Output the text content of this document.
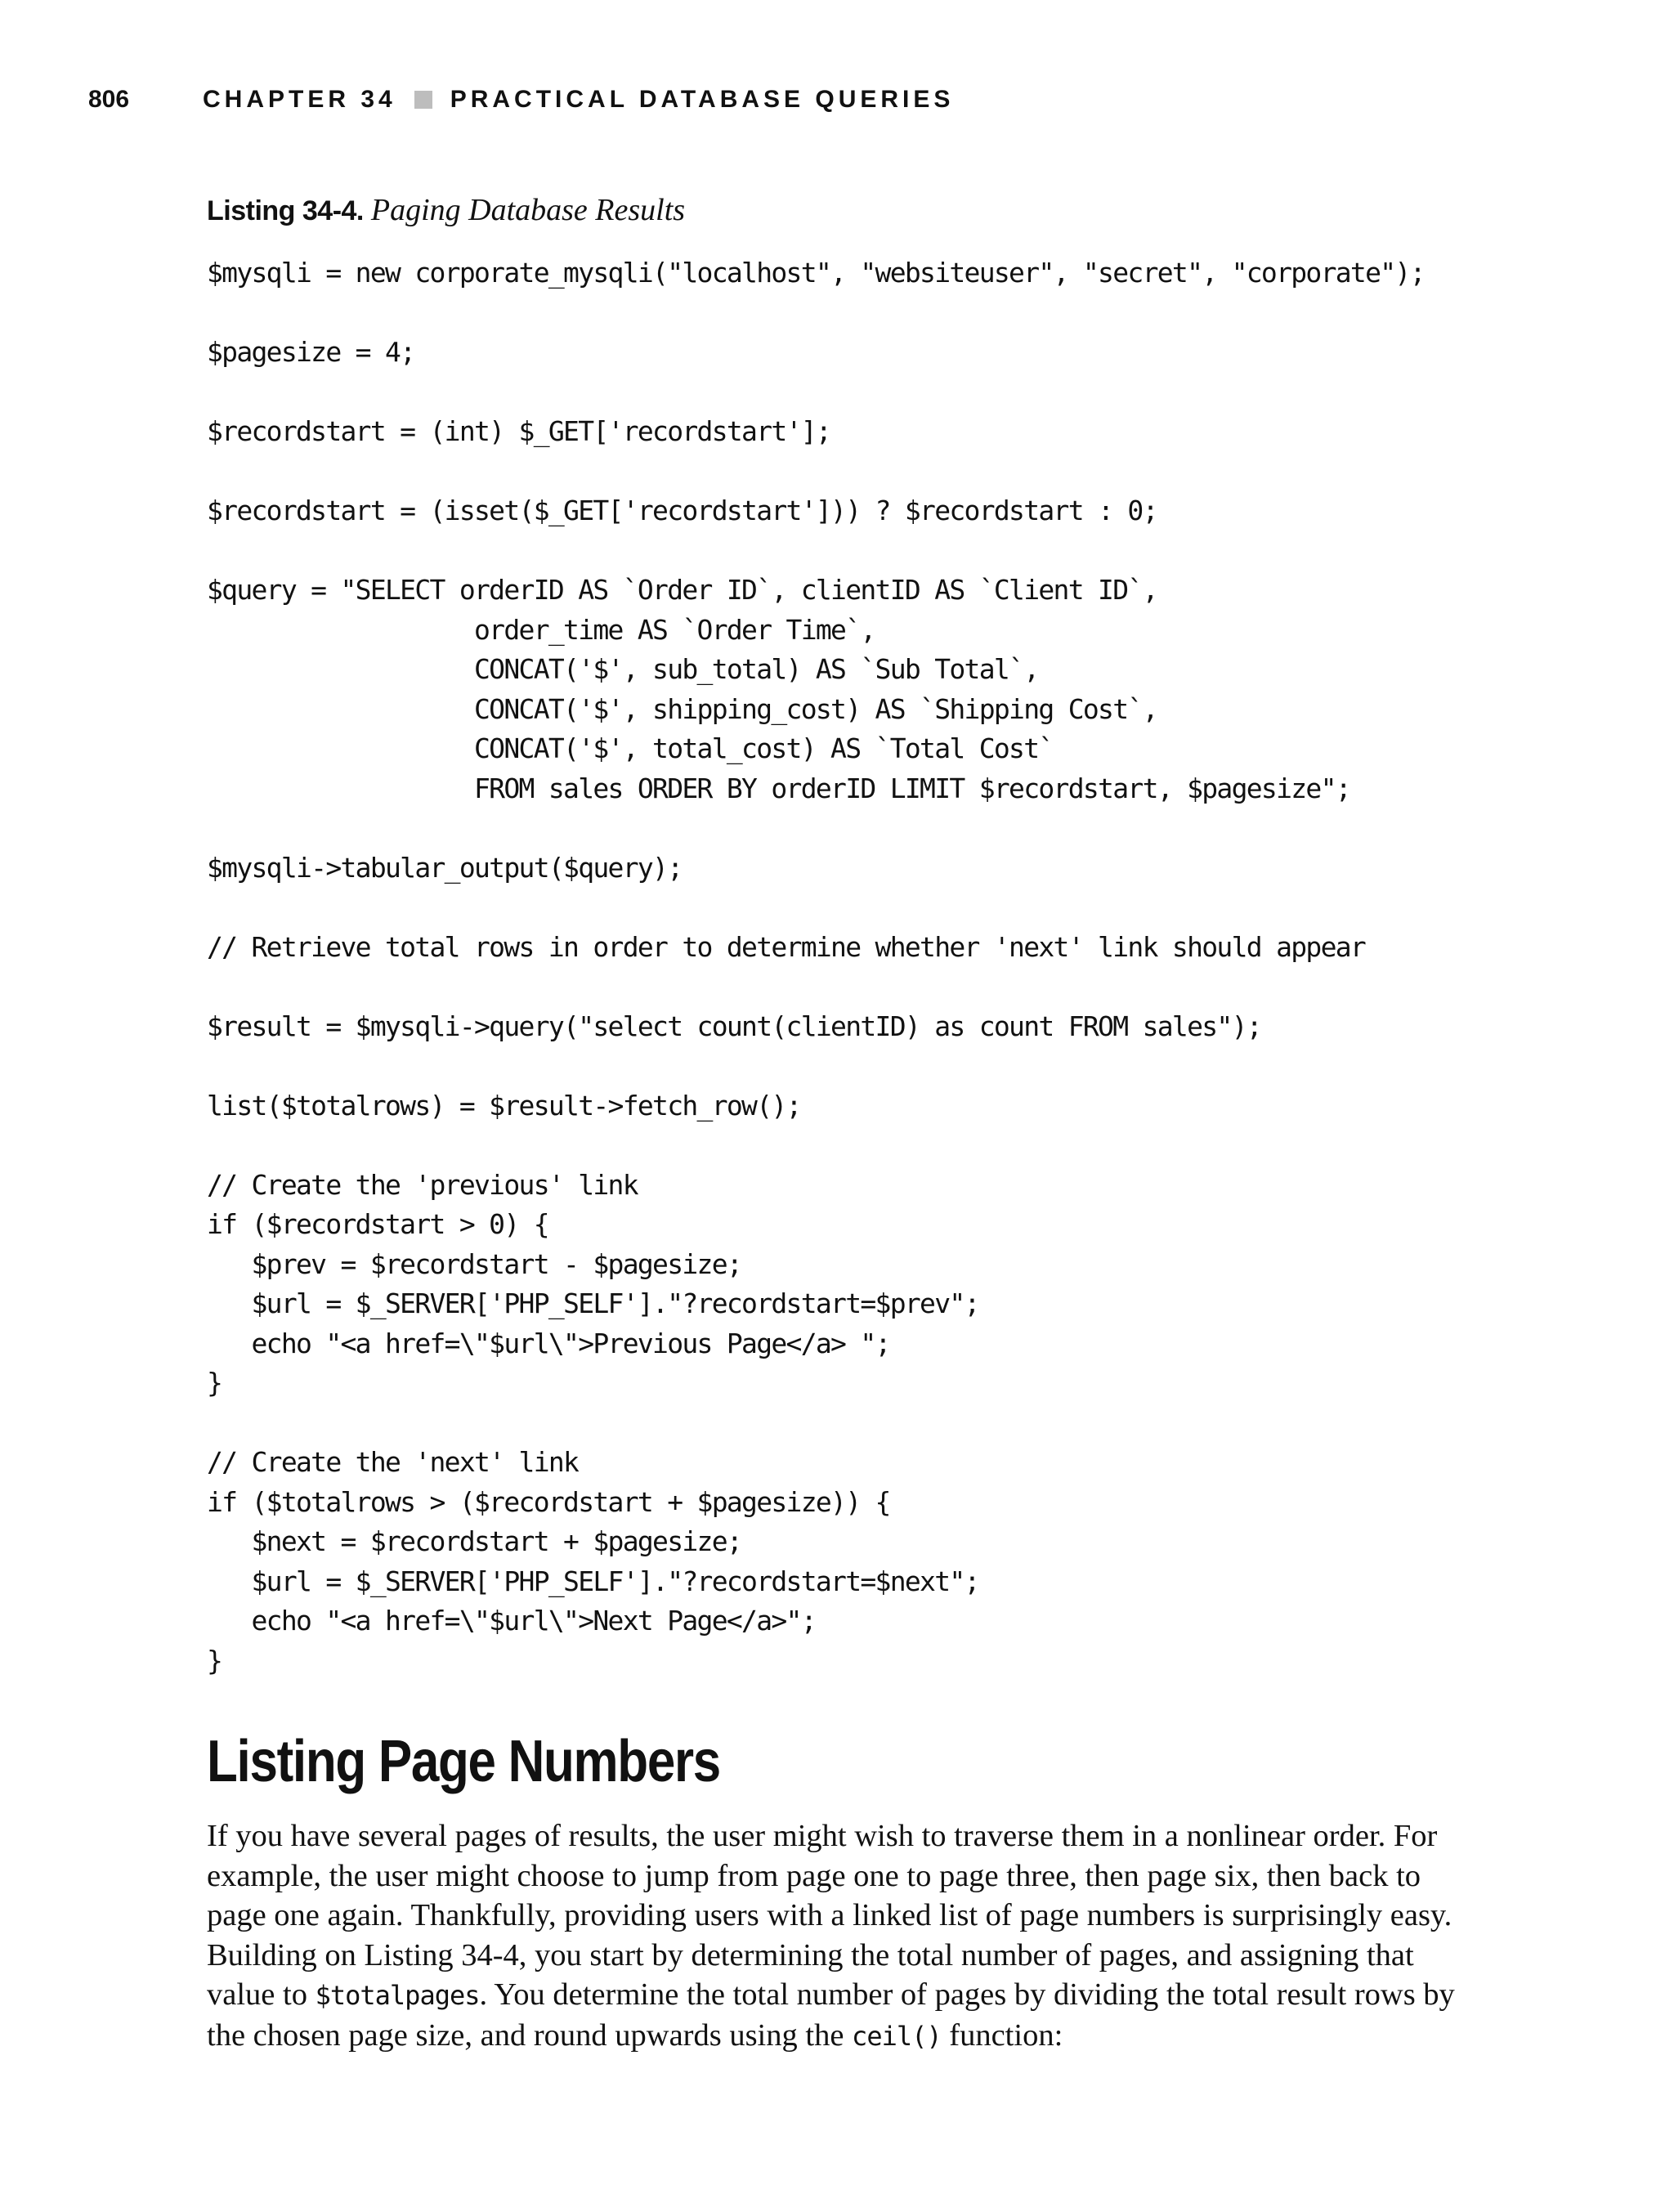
806	CHAPTER 34 PRACTICAL DATABASE QUERIES
Listing 34-4. Paging Database Results
$mysqli = new corporate_mysqli("localhost", "websiteuser", "secret", "corporate");
$pagesize = 4;
$recordstart = (int) $_GET['recordstart'];
$recordstart = (isset($_GET['recordstart'])) ? $recordstart : 0;
$query = "SELECT orderID AS `Order ID`, clientID AS `Client ID`,
order_time AS `Order Time`,
CONCAT('$', sub_total) AS `Sub Total`,
CONCAT('$', shipping_cost) AS `Shipping Cost`,
CONCAT('$', total_cost) AS `Total Cost`
FROM sales ORDER BY orderID LIMIT $recordstart, $pagesize";
$mysqli->tabular_output($query);
// Retrieve total rows in order to determine whether 'next' link should appear
$result = $mysqli->query("select count(clientID) as count FROM sales");
list($totalrows) = $result->fetch_row();
// Create the 'previous' link
if ($recordstart > 0) {
$prev = $recordstart - $pagesize;
$url = $_SERVER['PHP_SELF']."?recordstart=$prev";
echo "<a href=\"$url\">Previous Page</a> ";
}
// Create the 'next' link
if ($totalrows > ($recordstart + $pagesize)) {
$next = $recordstart + $pagesize;
$url = $_SERVER['PHP_SELF']."?recordstart=$next";
echo "<a href=\"$url\">Next Page</a>";
}
Listing Page Numbers

If you have several pages of results, the user might wish to traverse them in a nonlinear order. For example, the user might choose to jump from page one to page three, then page six, then back to page one again. Thankfully, providing users with a linked list of page numbers is surprisingly easy. Building on Listing 34-4, you start by determining the total number of pages, and assigning that value to $totalpages. You determine the total number of pages by dividing the total result rows by the chosen page size, and round upwards using the ceil() function:
